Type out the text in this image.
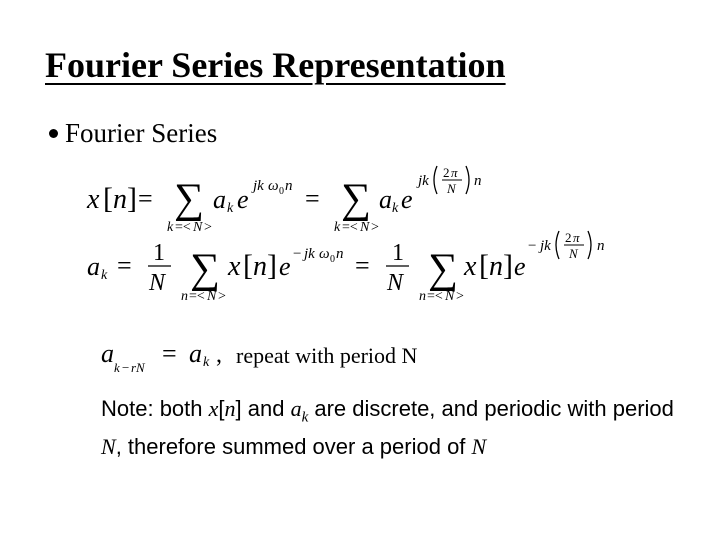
Fourier Series Representation
Fourier Series
x [ n ] = ∑
k =< N >
a k e jk ω 0 n = ∑
k =< N >
a k e
jk
2 π
N n
a k = 1
N ∑
n =< N >
x [ n ] e − jk ω 0 n = 1
N ∑
n =< N >
x [ n ] e
− jk
2 π
N n
a k − rN = a k , repeat with period N
Note: both x[n] and $a_k$ are discrete, and periodic with period N, therefore summed over a period of N
